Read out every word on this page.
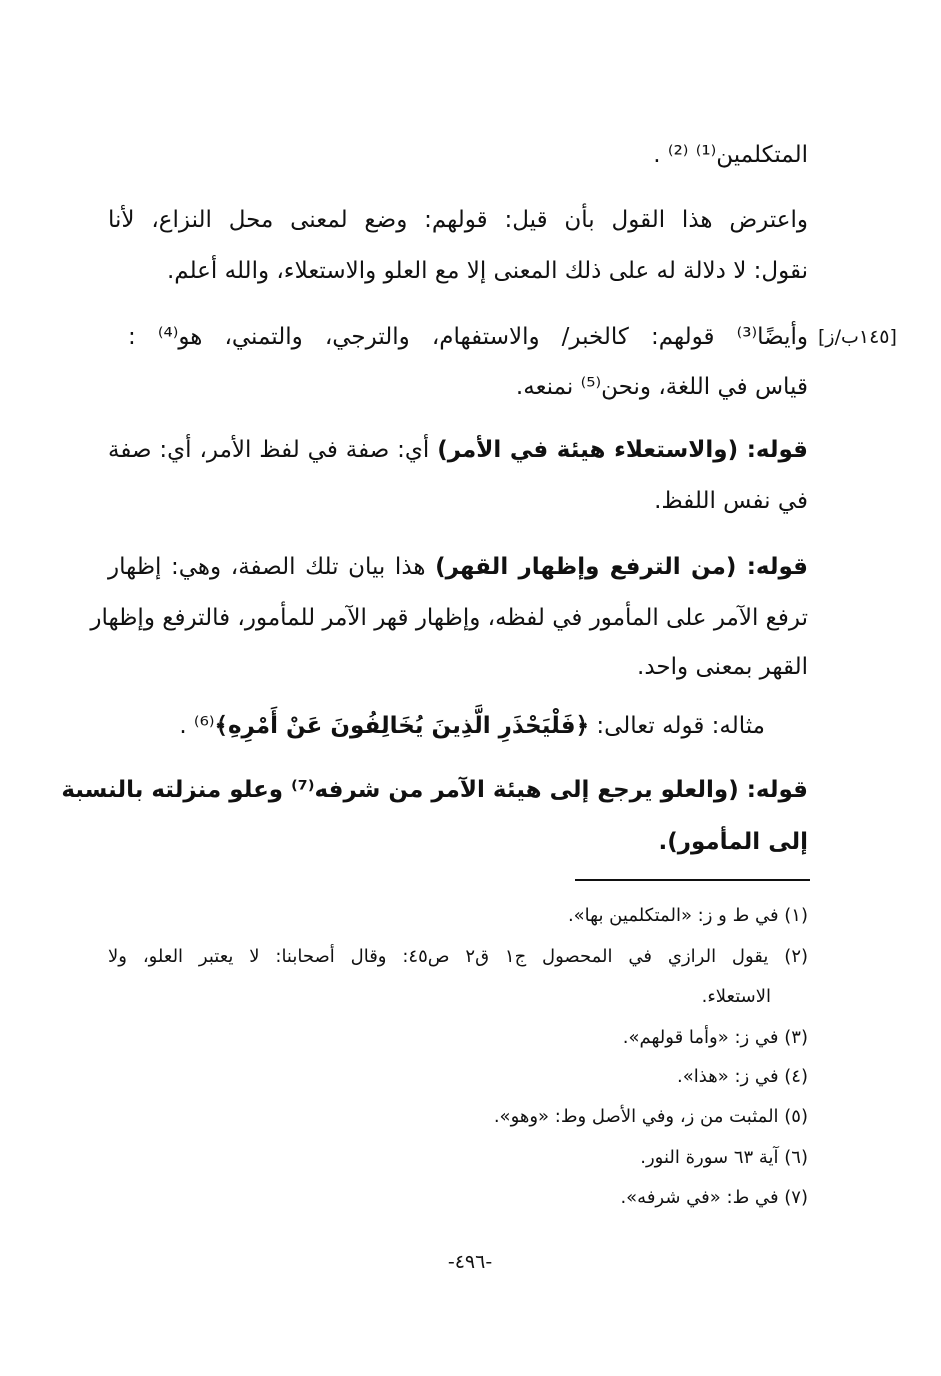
[١٤٥ب/ز]
المتكلمين⁽¹⁾ ⁽²⁾ .
واعترض هذا القول بأن قيل: قولهم: وضع لمعنى محل النزاع، لأنا
نقول: لا دلالة له على ذلك المعنى إلا مع العلو والاستعلاء، والله أعلم.
وأيضًا⁽³⁾ قولهم: كالخبر/ والاستفهام، والترجي، والتمني، هو⁽⁴⁾ :
قياس في اللغة، ونحن⁽⁵⁾ نمنعه.
قوله: (والاستعلاء هيئة في الأمر) أي: صفة في لفظ الأمر، أي: صفة
في نفس اللفظ.
قوله: (من الترفع وإظهار القهر) هذا بيان تلك الصفة، وهي: إظهار
ترفع الآمر على المأمور في لفظه، وإظهار قهر الآمر للمأمور، فالترفع وإظهار
القهر بمعنى واحد.
مثاله: قوله تعالى: ﴿فَلْيَحْذَرِ الَّذِينَ يُخَالِفُونَ عَنْ أَمْرِهِ﴾⁽⁶⁾ .
قوله: (والعلو يرجع إلى هيئة الآمر من شرفه⁽⁷⁾ وعلو منزلته بالنسبة
إلى المأمور).
(١) في ط و ز: «المتكلمين بها».
(٢) يقول الرازي في المحصول ج١ ق٢ ص٤٥: وقال أصحابنا: لا يعتبر العلو، ولا
الاستعلاء.
(٣) في ز: «وأما قولهم».
(٤) في ز: «هذا».
(٥) المثبت من ز، وفي الأصل وط: «وهو».
(٦) آية ٦٣ سورة النور.
(٧) في ط: «في شرفه».
-٤٩٦-
